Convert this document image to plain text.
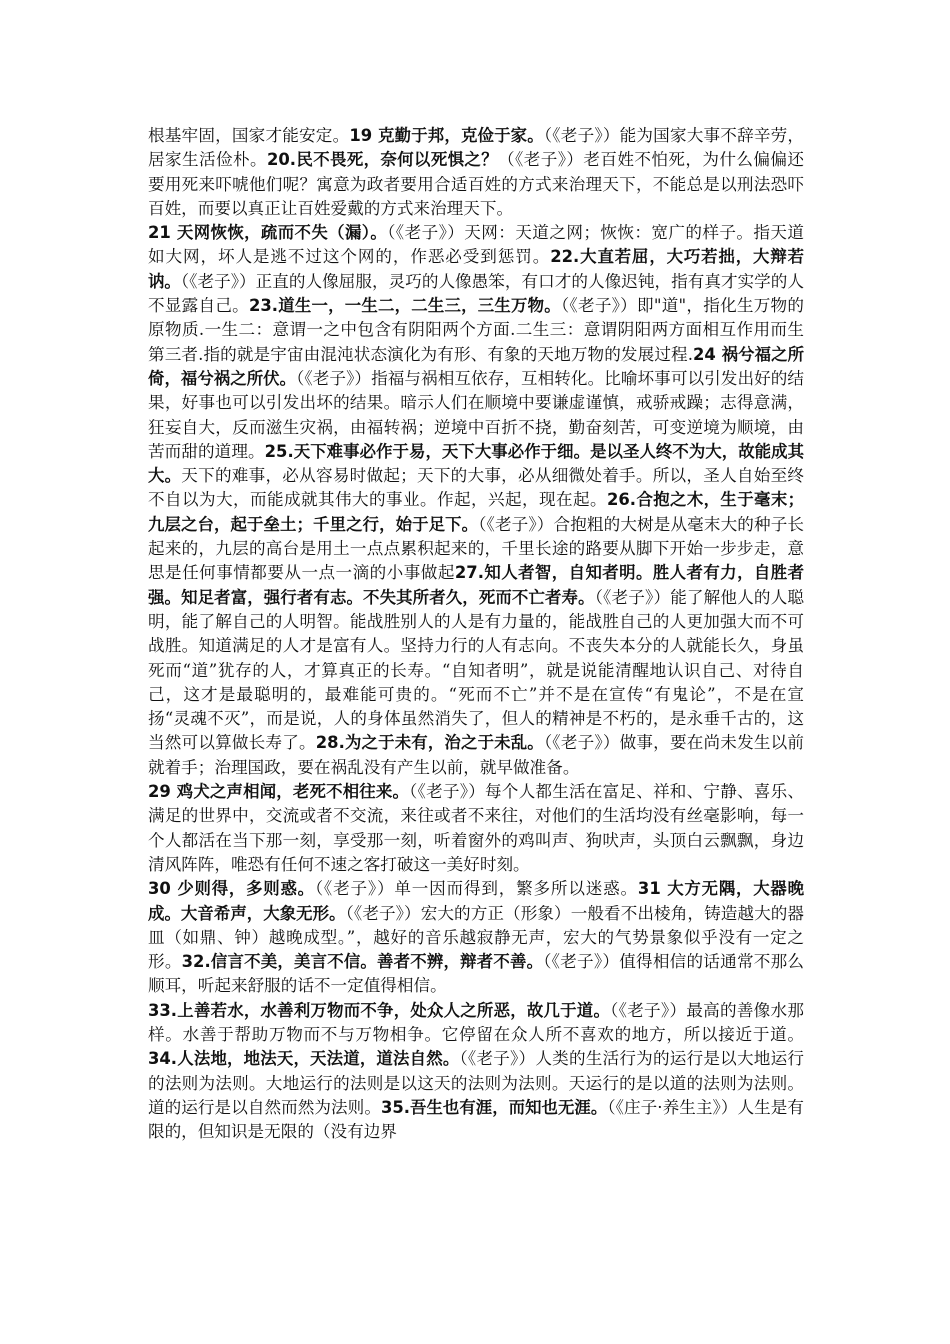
根基牢固，国家才能安定。19 克勤于邦，克俭于家。（《老子》）能为国家大事不辞辛劳，居家生活俭朴。20.民不畏死，奈何以死惧之？（《老子》）老百姓不怕死，为什么偏偏还要用死来吓唬他们呢？寓意为政者要用合适百姓的方式来治理天下，不能总是以刑法恐吓百姓，而要以真正让百姓爱戴的方式来治理天下。
21 天网恢恢，疏而不失（漏）。（《老子》）天网：天道之网；恢恢：宽广的样子。指天道如大网，坏人是逃不过这个网的，作恶必受到惩罚。22.大直若屈，大巧若拙，大辩若讷。（《老子》）正直的人像屈服，灵巧的人像愚笨，有口才的人像迟钝，指有真才实学的人不显露自己。23.道生一，一生二，二生三，三生万物。（《老子》）即"道"，指化生万物的原物质.一生二：意谓一之中包含有阴阳两个方面.二生三：意谓阴阳两方面相互作用而生第三者.指的就是宇宙由混沌状态演化为有形、有象的天地万物的发展过程.24 祸兮福之所倚，福兮祸之所伏。（《老子》）指福与祸相互依存，互相转化。比喻坏事可以引发出好的结果，好事也可以引发出坏的结果。暗示人们在顺境中要谦虚谨慎，戒骄戒躁；志得意满，狂妄自大，反而滋生灾祸，由福转祸；逆境中百折不挠，勤奋刻苦，可变逆境为顺境，由苦而甜的道理。25.天下难事必作于易，天下大事必作于细。是以圣人终不为大，故能成其大。天下的难事，必从容易时做起；天下的大事，必从细微处着手。所以，圣人自始至终不自以为大，而能成就其伟大的事业。作起，兴起，现在起。26.合抱之木，生于毫末；九层之台，起于垒土；千里之行，始于足下。（《老子》）合抱粗的大树是从毫末大的种子长起来的，九层的高台是用土一点点累积起来的，千里长途的路要从脚下开始一步步走，意思是任何事情都要从一点一滴的小事做起27.知人者智，自知者明。胜人者有力，自胜者强。知足者富，强行者有志。不失其所者久，死而不亡者寿。（《老子》）能了解他人的人聪明，能了解自己的人明智。能战胜别人的人是有力量的，能战胜自己的人更加强大而不可战胜。知道满足的人才是富有人。坚持力行的人有志向。不丧失本分的人就能长久，身虽死而“道”犹存的人，才算真正的长寿。“自知者明”，就是说能清醒地认识自己、对待自己，这才是最聪明的，最难能可贵的。“死而不亡”并不是在宣传“有鬼论”，不是在宣扬“灵魂不灭”，而是说，人的身体虽然消失了，但人的精神是不朽的，是永垂千古的，这当然可以算做长寿了。28.为之于未有，治之于未乱。（《老子》）做事，要在尚未发生以前就着手；治理国政，要在祸乱没有产生以前，就早做准备。
29 鸡犬之声相闻，老死不相往来。（《老子》）每个人都生活在富足、祥和、宁静、喜乐、满足的世界中，交流或者不交流，来往或者不来往，对他们的生活均没有丝毫影响，每一个人都活在当下那一刻，享受那一刻，听着窗外的鸡叫声、狗吠声，头顶白云飘飘，身边清风阵阵，唯恐有任何不速之客打破这一美好时刻。
30 少则得，多则惑。（《老子》）单一因而得到，繁多所以迷惑。31 大方无隅，大器晚成。大音希声，大象无形。（《老子》）宏大的方正（形象）一般看不出棱角，铸造越大的器皿（如鼎、钟）越晚成型。”，越好的音乐越寂静无声，宏大的气势景象似乎没有一定之形。32.信言不美，美言不信。善者不辨，辩者不善。（《老子》）值得相信的话通常不那么顺耳，听起来舒服的话不一定值得相信。
33.上善若水，水善利万物而不争，处众人之所恶，故几于道。（《老子》）最高的善像水那样。水善于帮助万物而不与万物相争。它停留在众人所不喜欢的地方，所以接近于道。34.人法地，地法天，天法道，道法自然。（《老子》）人类的生活行为的运行是以大地运行的法则为法则。大地运行的法则是以这天的法则为法则。天运行的是以道的法则为法则。道的运行是以自然而然为法则。35.吾生也有涯，而知也无涯。（《庄子·养生主》）人生是有限的，但知识是无限的（没有边界
